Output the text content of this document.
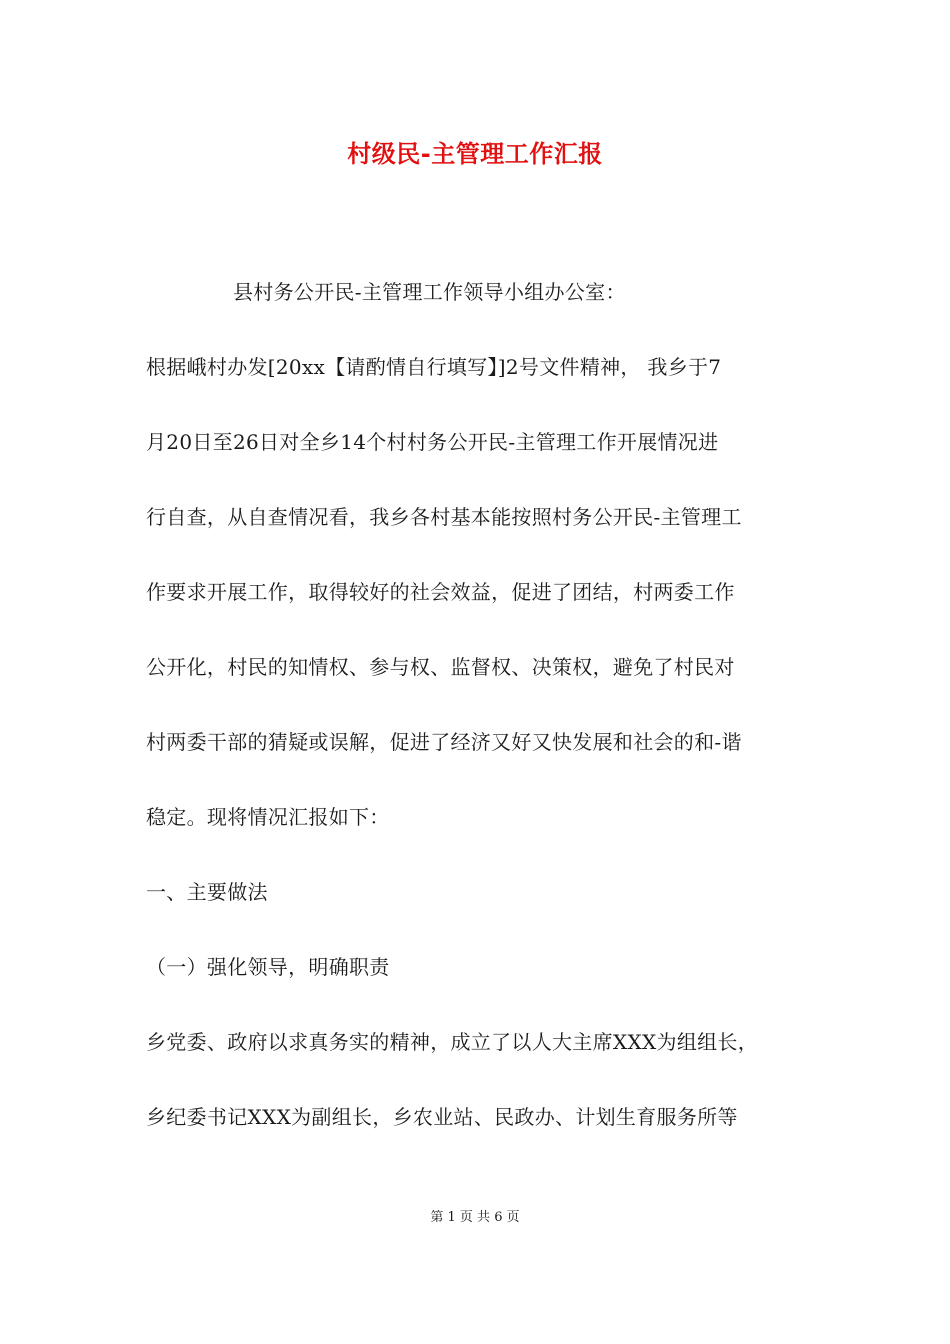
村级民-主管理工作汇报
县村务公开民-主管理工作领导小组办公室：
根据峨村办发[20xx【请酌情自行填写】]2号文件精神， 我乡于7
月20日至26日对全乡14个村村务公开民-主管理工作开展情况进
行自查，从自查情况看，我乡各村基本能按照村务公开民-主管理工
作要求开展工作，取得较好的社会效益，促进了团结，村两委工作
公开化，村民的知情权、参与权、监督权、决策权，避免了村民对
村两委干部的猜疑或误解，促进了经济又好又快发展和社会的和-谐
稳定。现将情况汇报如下：
一、主要做法
（一）强化领导，明确职责
乡党委、政府以求真务实的精神，成立了以人大主席XXX为组组长，
乡纪委书记XXX为副组长，乡农业站、民政办、计划生育服务所等
第 1 页 共 6 页
